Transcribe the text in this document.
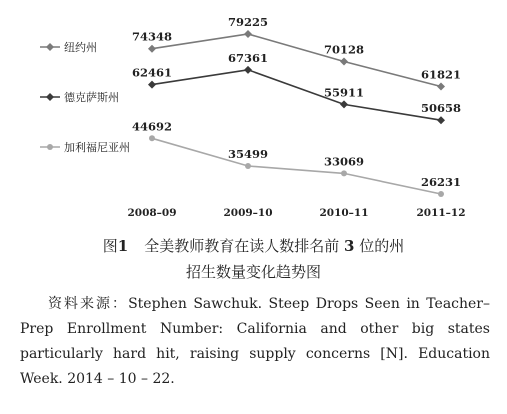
纽约州
德克萨斯州
加利福尼亚州
74348
79225
70128
61821
62461
67361
55911
50658
44692
35499
33069
26231
2008–09	2009–10	2010–11	2011–12
图1 全美教师教育在读人数排名前 3 位的州
招生数量变化趋势图
资料来源：Stephen Sawchuk. Steep Drops Seen in Teacher–Prep Enrollment Number: California and other big states particularly hard hit, raising supply concerns [N]. Education Week. 2014 – 10 – 22.
